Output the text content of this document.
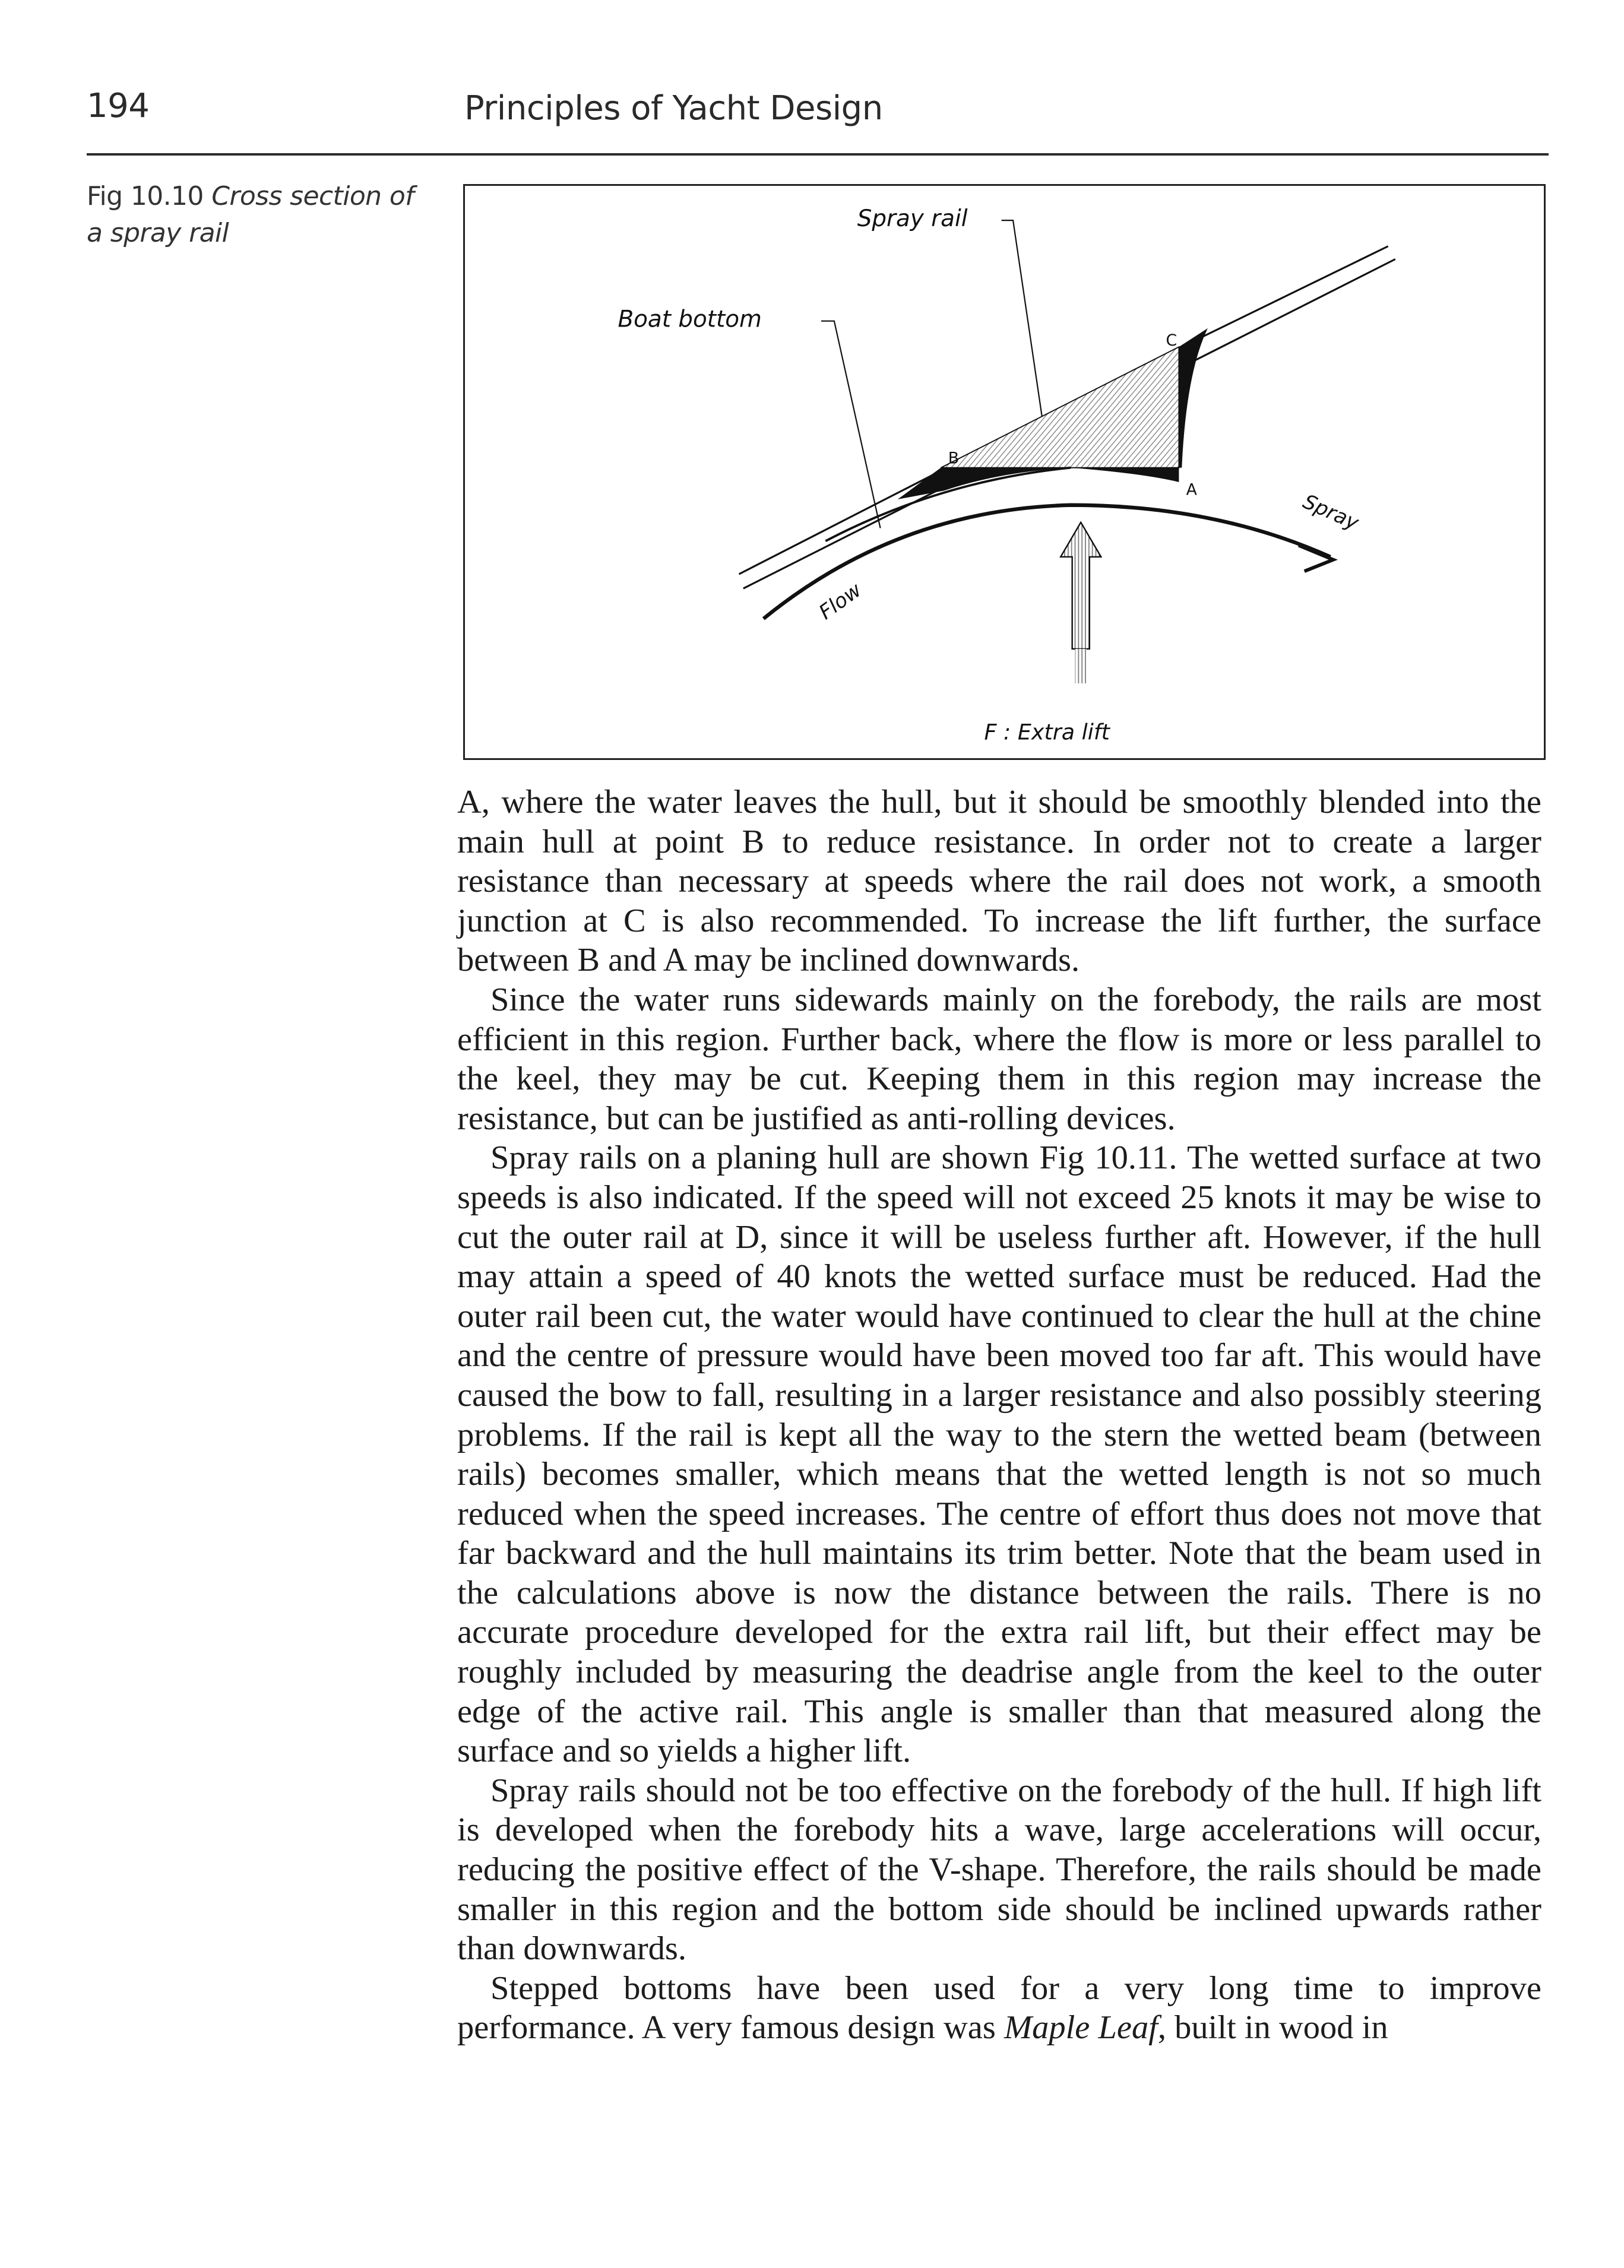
194	Principles of Yacht Design
Fig 10.10 Cross section of a spray rail	Spray rail
Boat bottom
B
C
A
Flow
Spray
F : Extra lift

A, where the water leaves the hull, but it should be smoothly blended into the main hull at point B to reduce resistance. In order not to create a larger resistance than necessary at speeds where the rail does not work, a smooth junction at C is also recommended. To increase the lift further, the surface between B and A may be inclined downwards.

Since the water runs sidewards mainly on the forebody, the rails are most efficient in this region. Further back, where the flow is more or less parallel to the keel, they may be cut. Keeping them in this region may increase the resistance, but can be justified as anti-rolling devices.

Spray rails on a planing hull are shown Fig 10.11. The wetted surface at two speeds is also indicated. If the speed will not exceed 25 knots it may be wise to cut the outer rail at D, since it will be useless further aft. However, if the hull may attain a speed of 40 knots the wetted surface must be reduced. Had the outer rail been cut, the water would have continued to clear the hull at the chine and the centre of pressure would have been moved too far aft. This would have caused the bow to fall, resulting in a larger resistance and also possibly steering problems. If the rail is kept all the way to the stern the wetted beam (between rails) becomes smaller, which means that the wetted length is not so much reduced when the speed increases. The centre of effort thus does not move that far backward and the hull maintains its trim better. Note that the beam used in the calculations above is now the distance between the rails. There is no accurate procedure developed for the extra rail lift, but their effect may be roughly included by measuring the deadrise angle from the keel to the outer edge of the active rail. This angle is smaller than that measured along the surface and so yields a higher lift.

Spray rails should not be too effective on the forebody of the hull. If high lift is developed when the forebody hits a wave, large accelerations will occur, reducing the positive effect of the V-shape. Therefore, the rails should be made smaller in this region and the bottom side should be inclined upwards rather than downwards.

Stepped bottoms have been used for a very long time to improve performance. A very famous design was Maple Leaf, built in wood in
